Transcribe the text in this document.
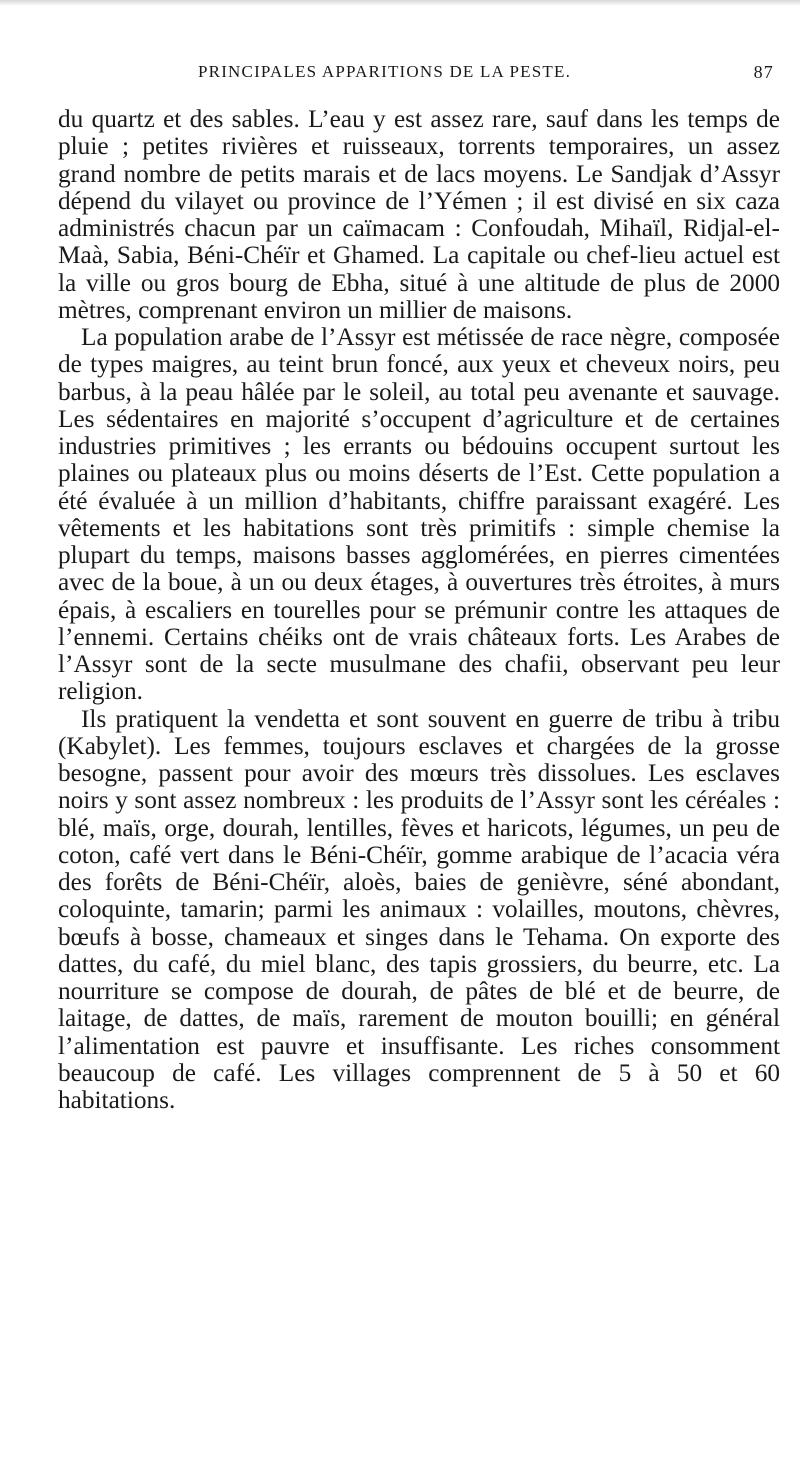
PRINCIPALES APPARITIONS DE LA PESTE.	87

du quartz et des sables. L’eau y est assez rare, sauf dans les temps de pluie ; petites rivières et ruisseaux, torrents temporaires, un assez grand nombre de petits marais et de lacs moyens. Le Sandjak d’Assyr dépend du vilayet ou province de l’Yémen ; il est divisé en six caza administrés chacun par un caïmacam : Confoudah, Mihaïl, Ridjal-el-Maà, Sabia, Béni-Chéïr et Ghamed. La capitale ou chef-lieu actuel est la ville ou gros bourg de Ebha, situé à une altitude de plus de 2000 mètres, comprenant environ un millier de maisons.

La population arabe de l’Assyr est métissée de race nègre, composée de types maigres, au teint brun foncé, aux yeux et cheveux noirs, peu barbus, à la peau hâlée par le soleil, au total peu avenante et sauvage. Les sédentaires en majorité s’occupent d’agriculture et de certaines industries primitives ; les errants ou bédouins occupent surtout les plaines ou plateaux plus ou moins déserts de l’Est. Cette population a été évaluée à un million d’habitants, chiffre paraissant exagéré. Les vêtements et les habitations sont très primitifs : simple chemise la plupart du temps, maisons basses agglomérées, en pierres cimentées avec de la boue, à un ou deux étages, à ouvertures très étroites, à murs épais, à escaliers en tourelles pour se prémunir contre les attaques de l’ennemi. Certains chéiks ont de vrais châteaux forts. Les Arabes de l’Assyr sont de la secte musulmane des chafii, observant peu leur religion.

Ils pratiquent la vendetta et sont souvent en guerre de tribu à tribu (Kabylet). Les femmes, toujours esclaves et chargées de la grosse besogne, passent pour avoir des mœurs très dissolues. Les esclaves noirs y sont assez nombreux : les produits de l’Assyr sont les céréales : blé, maïs, orge, dourah, lentilles, fèves et haricots, légumes, un peu de coton, café vert dans le Béni-Chéïr, gomme arabique de l’acacia véra des forêts de Béni-Chéïr, aloès, baies de genièvre, séné abondant, coloquinte, tamarin; parmi les animaux : volailles, moutons, chèvres, bœufs à bosse, chameaux et singes dans le Tehama. On exporte des dattes, du café, du miel blanc, des tapis grossiers, du beurre, etc. La nourriture se compose de dourah, de pâtes de blé et de beurre, de laitage, de dattes, de maïs, rarement de mouton bouilli; en général l’alimentation est pauvre et insuffisante. Les riches consomment beaucoup de café. Les villages comprennent de 5 à 50 et 60 habitations.
